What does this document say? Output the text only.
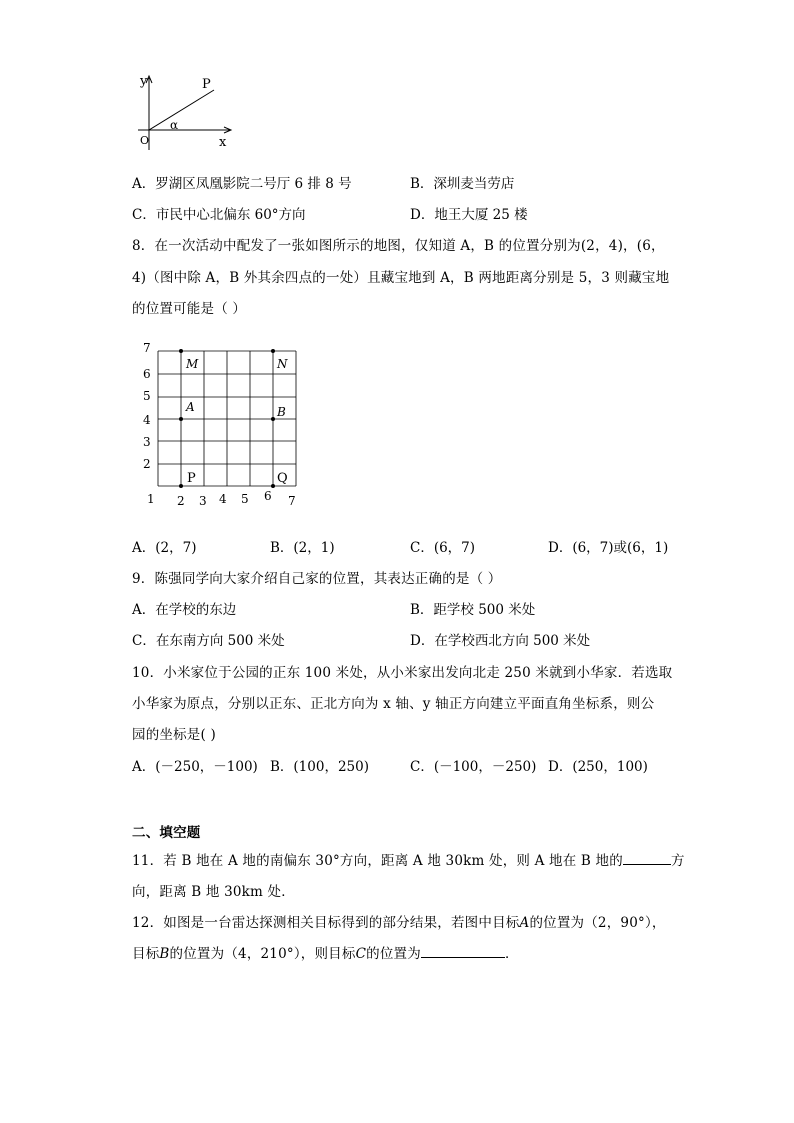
y
x
O
P
α
A．罗湖区凤凰影院二号厅 6 排 8 号	B．深圳麦当劳店
C．市民中心北偏东 60°方向	D．地王大厦 25 楼
8．在一次活动中配发了一张如图所示的地图，仅知道 A，B 的位置分别为(2，4)，(6，
4)（图中除 A，B 外其余四点的一处）且藏宝地到 A，B 两地距离分别是 5，3 则藏宝地
的位置可能是（ ）
M	N
A	B
P	Q
7
6
5
4
3
2
1 2 3 4 5 6 7
A．(2，7)	B．(2，1)	C．(6，7)	D．(6，7)或(6，1)
9．陈强同学向大家介绍自己家的位置，其表达正确的是（ ）
A．在学校的东边	B．距学校 500 米处
C．在东南方向 500 米处	D．在学校西北方向 500 米处
10．小米家位于公园的正东 100 米处，从小米家出发向北走 250 米就到小华家．若选取
小华家为原点，分别以正东、正北方向为 x 轴、y 轴正方向建立平面直角坐标系，则公
园的坐标是( )
A．(－250，－100) B．(100，250)	C．(－100，－250) D．(250，100)
二、填空题
11．若 B 地在 A 地的南偏东 30°方向，距离 A 地 30km 处，则 A 地在 B 地的	方
向，距离 B 地 30km 处．
12．如图是一台雷达探测相关目标得到的部分结果，若图中目标A的位置为（2，90°），
目标B的位置为（4，210°），则目标C的位置为	．
